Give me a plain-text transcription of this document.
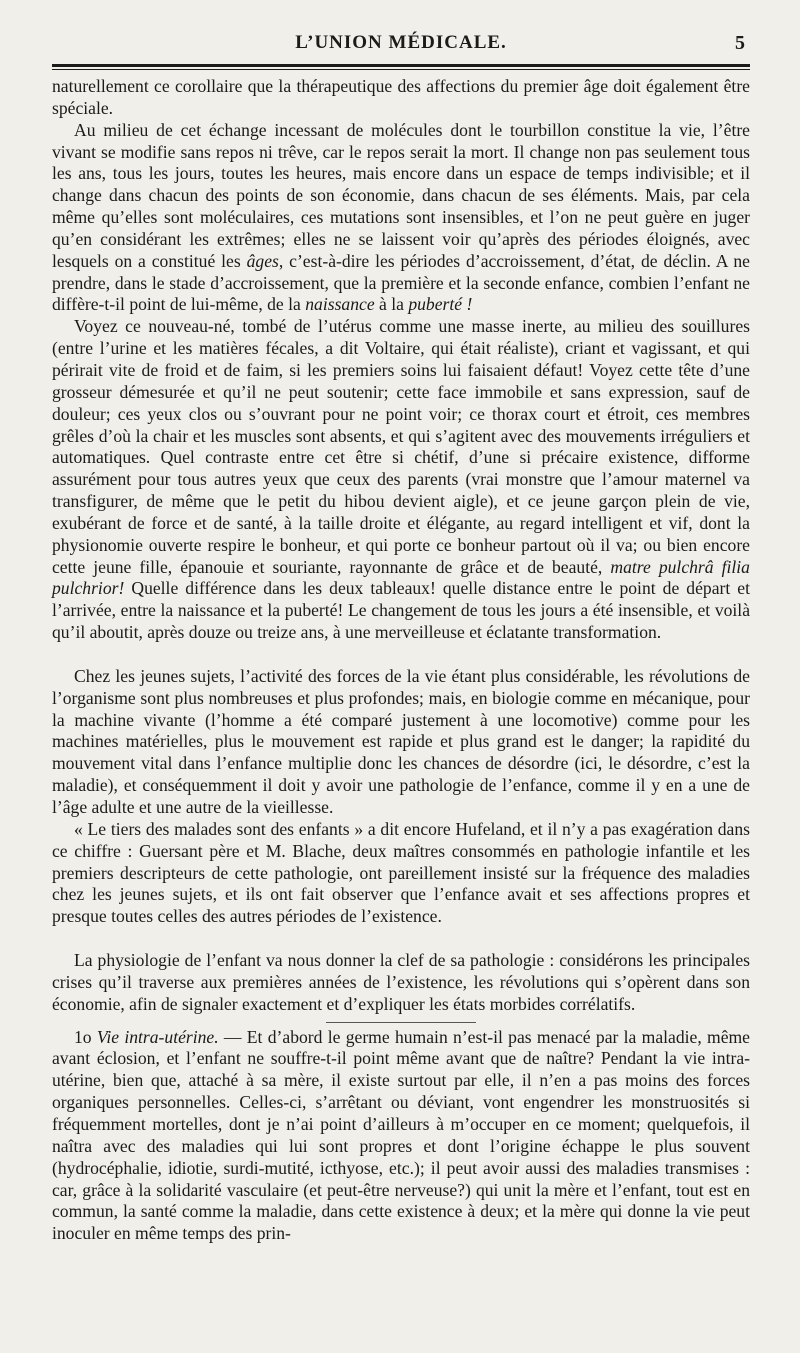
L’UNION MÉDICALE.	5

naturellement ce corollaire que la thérapeutique des affections du premier âge doit également être spéciale.

Au milieu de cet échange incessant de molécules dont le tourbillon constitue la vie, l’être vivant se modifie sans repos ni trêve, car le repos serait la mort. Il change non pas seulement tous les ans, tous les jours, toutes les heures, mais encore dans un espace de temps indivisible; et il change dans chacun des points de son économie, dans chacun de ses éléments. Mais, par cela même qu’elles sont moléculaires, ces mutations sont insensibles, et l’on ne peut guère en juger qu’en considérant les extrêmes; elles ne se laissent voir qu’après des périodes éloignés, avec lesquels on a constitué les âges, c’est-à-dire les périodes d’accroissement, d’état, de déclin. A ne prendre, dans le stade d’accroissement, que la première et la seconde enfance, combien l’enfant ne diffère-t-il point de lui-même, de la naissance à la puberté !

Voyez ce nouveau-né, tombé de l’utérus comme une masse inerte, au milieu des souillures (entre l’urine et les matières fécales, a dit Voltaire, qui était réaliste), criant et vagissant, et qui périrait vite de froid et de faim, si les premiers soins lui faisaient défaut! Voyez cette tête d’une grosseur démesurée et qu’il ne peut soutenir; cette face immobile et sans expression, sauf de douleur; ces yeux clos ou s’ouvrant pour ne point voir; ce thorax court et étroit, ces membres grêles d’où la chair et les muscles sont absents, et qui s’agitent avec des mouvements irréguliers et automatiques. Quel contraste entre cet être si chétif, d’une si précaire existence, difforme assurément pour tous autres yeux que ceux des parents (vrai monstre que l’amour maternel va transfigurer, de même que le petit du hibou devient aigle), et ce jeune garçon plein de vie, exubérant de force et de santé, à la taille droite et élégante, au regard intelligent et vif, dont la physionomie ouverte respire le bonheur, et qui porte ce bonheur partout où il va; ou bien encore cette jeune fille, épanouie et souriante, rayonnante de grâce et de beauté, matre pulchrâ filia pulchrior! Quelle différence dans les deux tableaux! quelle distance entre le point de départ et l’arrivée, entre la naissance et la puberté! Le changement de tous les jours a été insensible, et voilà qu’il aboutit, après douze ou treize ans, à une merveilleuse et éclatante transformation.

Chez les jeunes sujets, l’activité des forces de la vie étant plus considérable, les révolutions de l’organisme sont plus nombreuses et plus profondes; mais, en biologie comme en mécanique, pour la machine vivante (l’homme a été comparé justement à une locomotive) comme pour les machines matérielles, plus le mouvement est rapide et plus grand est le danger; la rapidité du mouvement vital dans l’enfance multiplie donc les chances de désordre (ici, le désordre, c’est la maladie), et conséquemment il doit y avoir une pathologie de l’enfance, comme il y en a une de l’âge adulte et une autre de la vieillesse.

« Le tiers des malades sont des enfants » a dit encore Hufeland, et il n’y a pas exagération dans ce chiffre : Guersant père et M. Blache, deux maîtres consommés en pathologie infantile et les premiers descripteurs de cette pathologie, ont pareillement insisté sur la fréquence des maladies chez les jeunes sujets, et ils ont fait observer que l’enfance avait et ses affections propres et presque toutes celles des autres périodes de l’existence.

La physiologie de l’enfant va nous donner la clef de sa pathologie : considérons les principales crises qu’il traverse aux premières années de l’existence, les révolutions qui s’opèrent dans son économie, afin de signaler exactement et d’expliquer les états morbides corrélatifs.

1o Vie intra-utérine. — Et d’abord le germe humain n’est-il pas menacé par la maladie, même avant éclosion, et l’enfant ne souffre-t-il point même avant que de naître? Pendant la vie intra-utérine, bien que, attaché à sa mère, il existe surtout par elle, il n’en a pas moins des forces organiques personnelles. Celles-ci, s’arrêtant ou déviant, vont engendrer les monstruosités si fréquemment mortelles, dont je n’ai point d’ailleurs à m’occuper en ce moment; quelquefois, il naîtra avec des maladies qui lui sont propres et dont l’origine échappe le plus souvent (hydrocéphalie, idiotie, surdi-mutité, icthyose, etc.); il peut avoir aussi des maladies transmises : car, grâce à la solidarité vasculaire (et peut-être nerveuse?) qui unit la mère et l’enfant, tout est en commun, la santé comme la maladie, dans cette existence à deux; et la mère qui donne la vie peut inoculer en même temps des prin-
